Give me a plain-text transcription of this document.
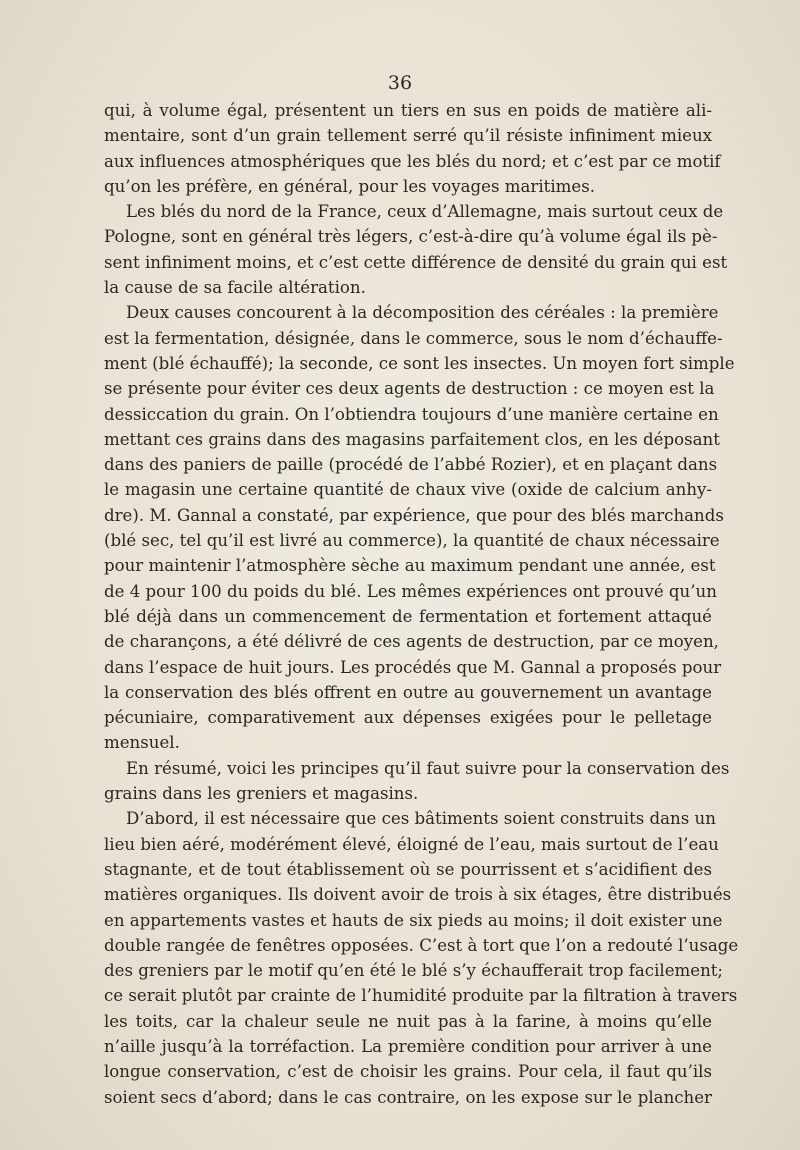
36
qui, à volume égal, présentent un tiers en sus en poids de matière ali-
mentaire, sont d’un grain tellement serré qu’il résiste infiniment mieux
aux influences atmosphériques que les blés du nord; et c’est par ce motif
qu’on les préfère, en général, pour les voyages maritimes.
Les blés du nord de la France, ceux d’Allemagne, mais surtout ceux de
Pologne, sont en général très légers, c’est-à-dire qu’à volume égal ils pè-
sent infiniment moins, et c’est cette différence de densité du grain qui est
la cause de sa facile altération.
Deux causes concourent à la décomposition des céréales : la première
est la fermentation, désignée, dans le commerce, sous le nom d’échauffe-
ment (blé échauffé); la seconde, ce sont les insectes. Un moyen fort simple
se présente pour éviter ces deux agents de destruction : ce moyen est la
dessiccation du grain. On l’obtiendra toujours d’une manière certaine en
mettant ces grains dans des magasins parfaitement clos, en les déposant
dans des paniers de paille (procédé de l’abbé Rozier), et en plaçant dans
le magasin une certaine quantité de chaux vive (oxide de calcium anhy-
dre). M. Gannal a constaté, par expérience, que pour des blés marchands
(blé sec, tel qu’il est livré au commerce), la quantité de chaux nécessaire
pour maintenir l’atmosphère sèche au maximum pendant une année, est
de 4 pour 100 du poids du blé. Les mêmes expériences ont prouvé qu’un
blé déjà dans un commencement de fermentation et fortement attaqué
de charançons, a été délivré de ces agents de destruction, par ce moyen,
dans l’espace de huit jours. Les procédés que M. Gannal a proposés pour
la conservation des blés offrent en outre au gouvernement un avantage
pécuniaire, comparativement aux dépenses exigées pour le pelletage
mensuel.
En résumé, voici les principes qu’il faut suivre pour la conservation des
grains dans les greniers et magasins.
D’abord, il est nécessaire que ces bâtiments soient construits dans un
lieu bien aéré, modérément élevé, éloigné de l’eau, mais surtout de l’eau
stagnante, et de tout établissement où se pourrissent et s’acidifient des
matières organiques. Ils doivent avoir de trois à six étages, être distribués
en appartements vastes et hauts de six pieds au moins; il doit exister une
double rangée de fenêtres opposées. C’est à tort que l’on a redouté l’usage
des greniers par le motif qu’en été le blé s’y échaufferait trop facilement;
ce serait plutôt par crainte de l’humidité produite par la filtration à travers
les toits, car la chaleur seule ne nuit pas à la farine, à moins qu’elle
n’aille jusqu’à la torréfaction. La première condition pour arriver à une
longue conservation, c’est de choisir les grains. Pour cela, il faut qu’ils
soient secs d’abord; dans le cas contraire, on les expose sur le plancher
